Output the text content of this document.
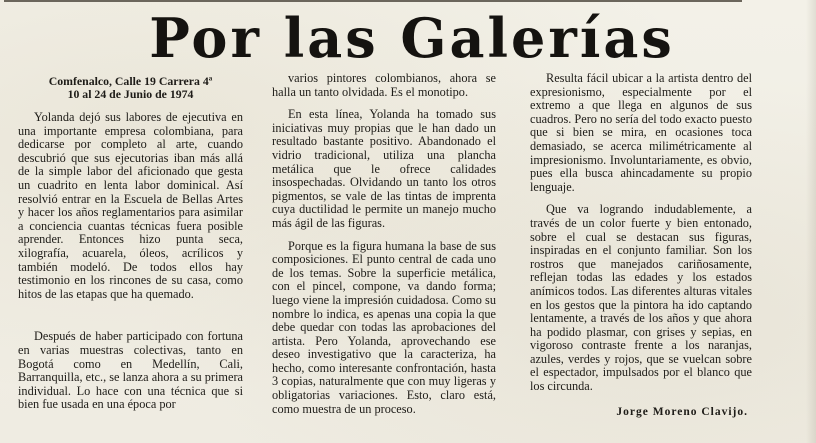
Por las Galerías
Comfenalco, Calle 19 Carrera 4ª
10 al 24 de Junio de 1974

Yolanda dejó sus labores de ejecutiva en una importante empresa colombiana, para dedicarse por completo al arte, cuando descubrió que sus ejecutorias iban más allá de la simple labor del aficionado que gesta un cuadrito en lenta labor dominical. Así resolvió entrar en la Escuela de Bellas Artes y hacer los años reglamentarios para asimilar a conciencia cuantas técnicas fuera posible aprender. Entonces hizo punta seca, xilografía, acuarela, óleos, acrílicos y también modeló. De todos ellos hay testimonio en los rincones de su casa, como hitos de las etapas que ha quemado.

Después de haber participado con fortuna en varias muestras colectivas, tanto en Bogotá como en Medellín, Cali, Barranquilla, etc., se lanza ahora a su primera individual. Lo hace con una técnica que si bien fue usada en una época por

varios pintores colombianos, ahora se halla un tanto olvidada. Es el monotipo.

En esta línea, Yolanda ha tomado sus iniciativas muy propias que le han dado un resultado bastante positivo. Abandonado el vidrio tradicional, utiliza una plancha metálica que le ofrece calidades insospechadas. Olvidando un tanto los otros pigmentos, se vale de las tintas de imprenta cuya ductilidad le permite un manejo mucho más ágil de las figuras.

Porque es la figura humana la base de sus composiciones. El punto central de cada uno de los temas. Sobre la superficie metálica, con el pincel, compone, va dando forma; luego viene la impresión cuidadosa. Como su nombre lo indica, es apenas una copia la que debe quedar con todas las aprobaciones del artista. Pero Yolanda, aprovechando ese deseo investigativo que la caracteriza, ha hecho, como interesante confrontación, hasta 3 copias, naturalmente que con muy ligeras y obligatorias variaciones. Esto, claro está, como muestra de un proceso.

Resulta fácil ubicar a la artista dentro del expresionismo, especialmente por el extremo a que llega en algunos de sus cuadros. Pero no sería del todo exacto puesto que si bien se mira, en ocasiones toca demasiado, se acerca milimétricamente al impresionismo. Involuntariamente, es obvio, pues ella busca ahincadamente su propio lenguaje.

Que va logrando indudablemente, a través de un color fuerte y bien entonado, sobre el cual se destacan sus figuras, inspiradas en el conjunto familiar. Son los rostros que manejados cariñosamente, reflejan todas las edades y los estados anímicos todos. Las diferentes alturas vitales en los gestos que la pintora ha ido captando lentamente, a través de los años y que ahora ha podido plasmar, con grises y sepias, en vigoroso contraste frente a los naranjas, azules, verdes y rojos, que se vuelcan sobre el espectador, impulsados por el blanco que los circunda.

Jorge Moreno Clavijo.
